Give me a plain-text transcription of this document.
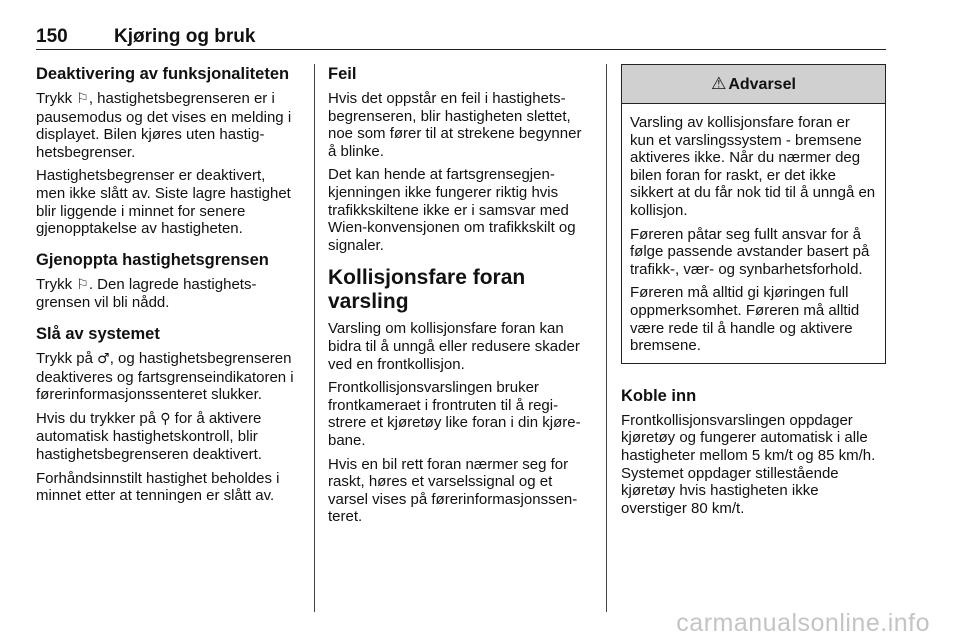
150 Kjøring og bruk
Deaktivering av funksjonaliteten

Trykk ⚐, hastighetsbegrenseren er i pausemodus og det vises en melding i displayet. Bilen kjøres uten hastighetsbegrenser.

Hastighetsbegrenser er deaktivert, men ikke slått av. Siste lagre hastighet blir liggende i minnet for senere gjenopptakelse av hastigheten.

Gjenoppta hastighetsgrensen

Trykk ⚐. Den lagrede hastighetsgrensen vil bli nådd.

Slå av systemet

Trykk på ♂, og hastighetsbegrenseren deaktiveres og fartsgrenseindikatoren i førerinformasjonssenteret slukker.

Hvis du trykker på ⚲ for å aktivere automatisk hastighetskontroll, blir hastighetsbegrenseren deaktivert.

Forhåndsinnstilt hastighet beholdes i minnet etter at tenningen er slått av.

Feil

Hvis det oppstår en feil i hastighetsbegrenseren, blir hastigheten slettet, noe som fører til at strekene begynner å blinke.

Det kan hende at fartsgrensegjenkjenningen ikke fungerer riktig hvis trafikkskiltene ikke er i samsvar med Wien-konvensjonen om trafikkskilt og signaler.

Kollisjonsfare foran varsling

Varsling om kollisjonsfare foran kan bidra til å unngå eller redusere skader ved en frontkollisjon.

Frontkollisjonsvarslingen bruker frontkameraet i frontruten til å registrere et kjøretøy like foran i din kjørebane.

Hvis en bil rett foran nærmer seg for raskt, høres et varselssignal og et varsel vises på førerinformasjonssenteret.

⚠ Advarsel

Varsling av kollisjonsfare foran er kun et varslingssystem - bremsene aktiveres ikke. Når du nærmer deg bilen foran for raskt, er det ikke sikkert at du får nok tid til å unngå en kollisjon.

Føreren påtar seg fullt ansvar for å følge passende avstander basert på trafikk-, vær- og synbarhetsforhold.

Føreren må alltid gi kjøringen full oppmerksomhet. Føreren må alltid være rede til å handle og aktivere bremsene.

Koble inn

Frontkollisjonsvarslingen oppdager kjøretøy og fungerer automatisk i alle hastigheter mellom 5 km/t og 85 km/h. Systemet oppdager stillestående kjøretøy hvis hastigheten ikke overstiger 80 km/t.

carmanualsonline.info
